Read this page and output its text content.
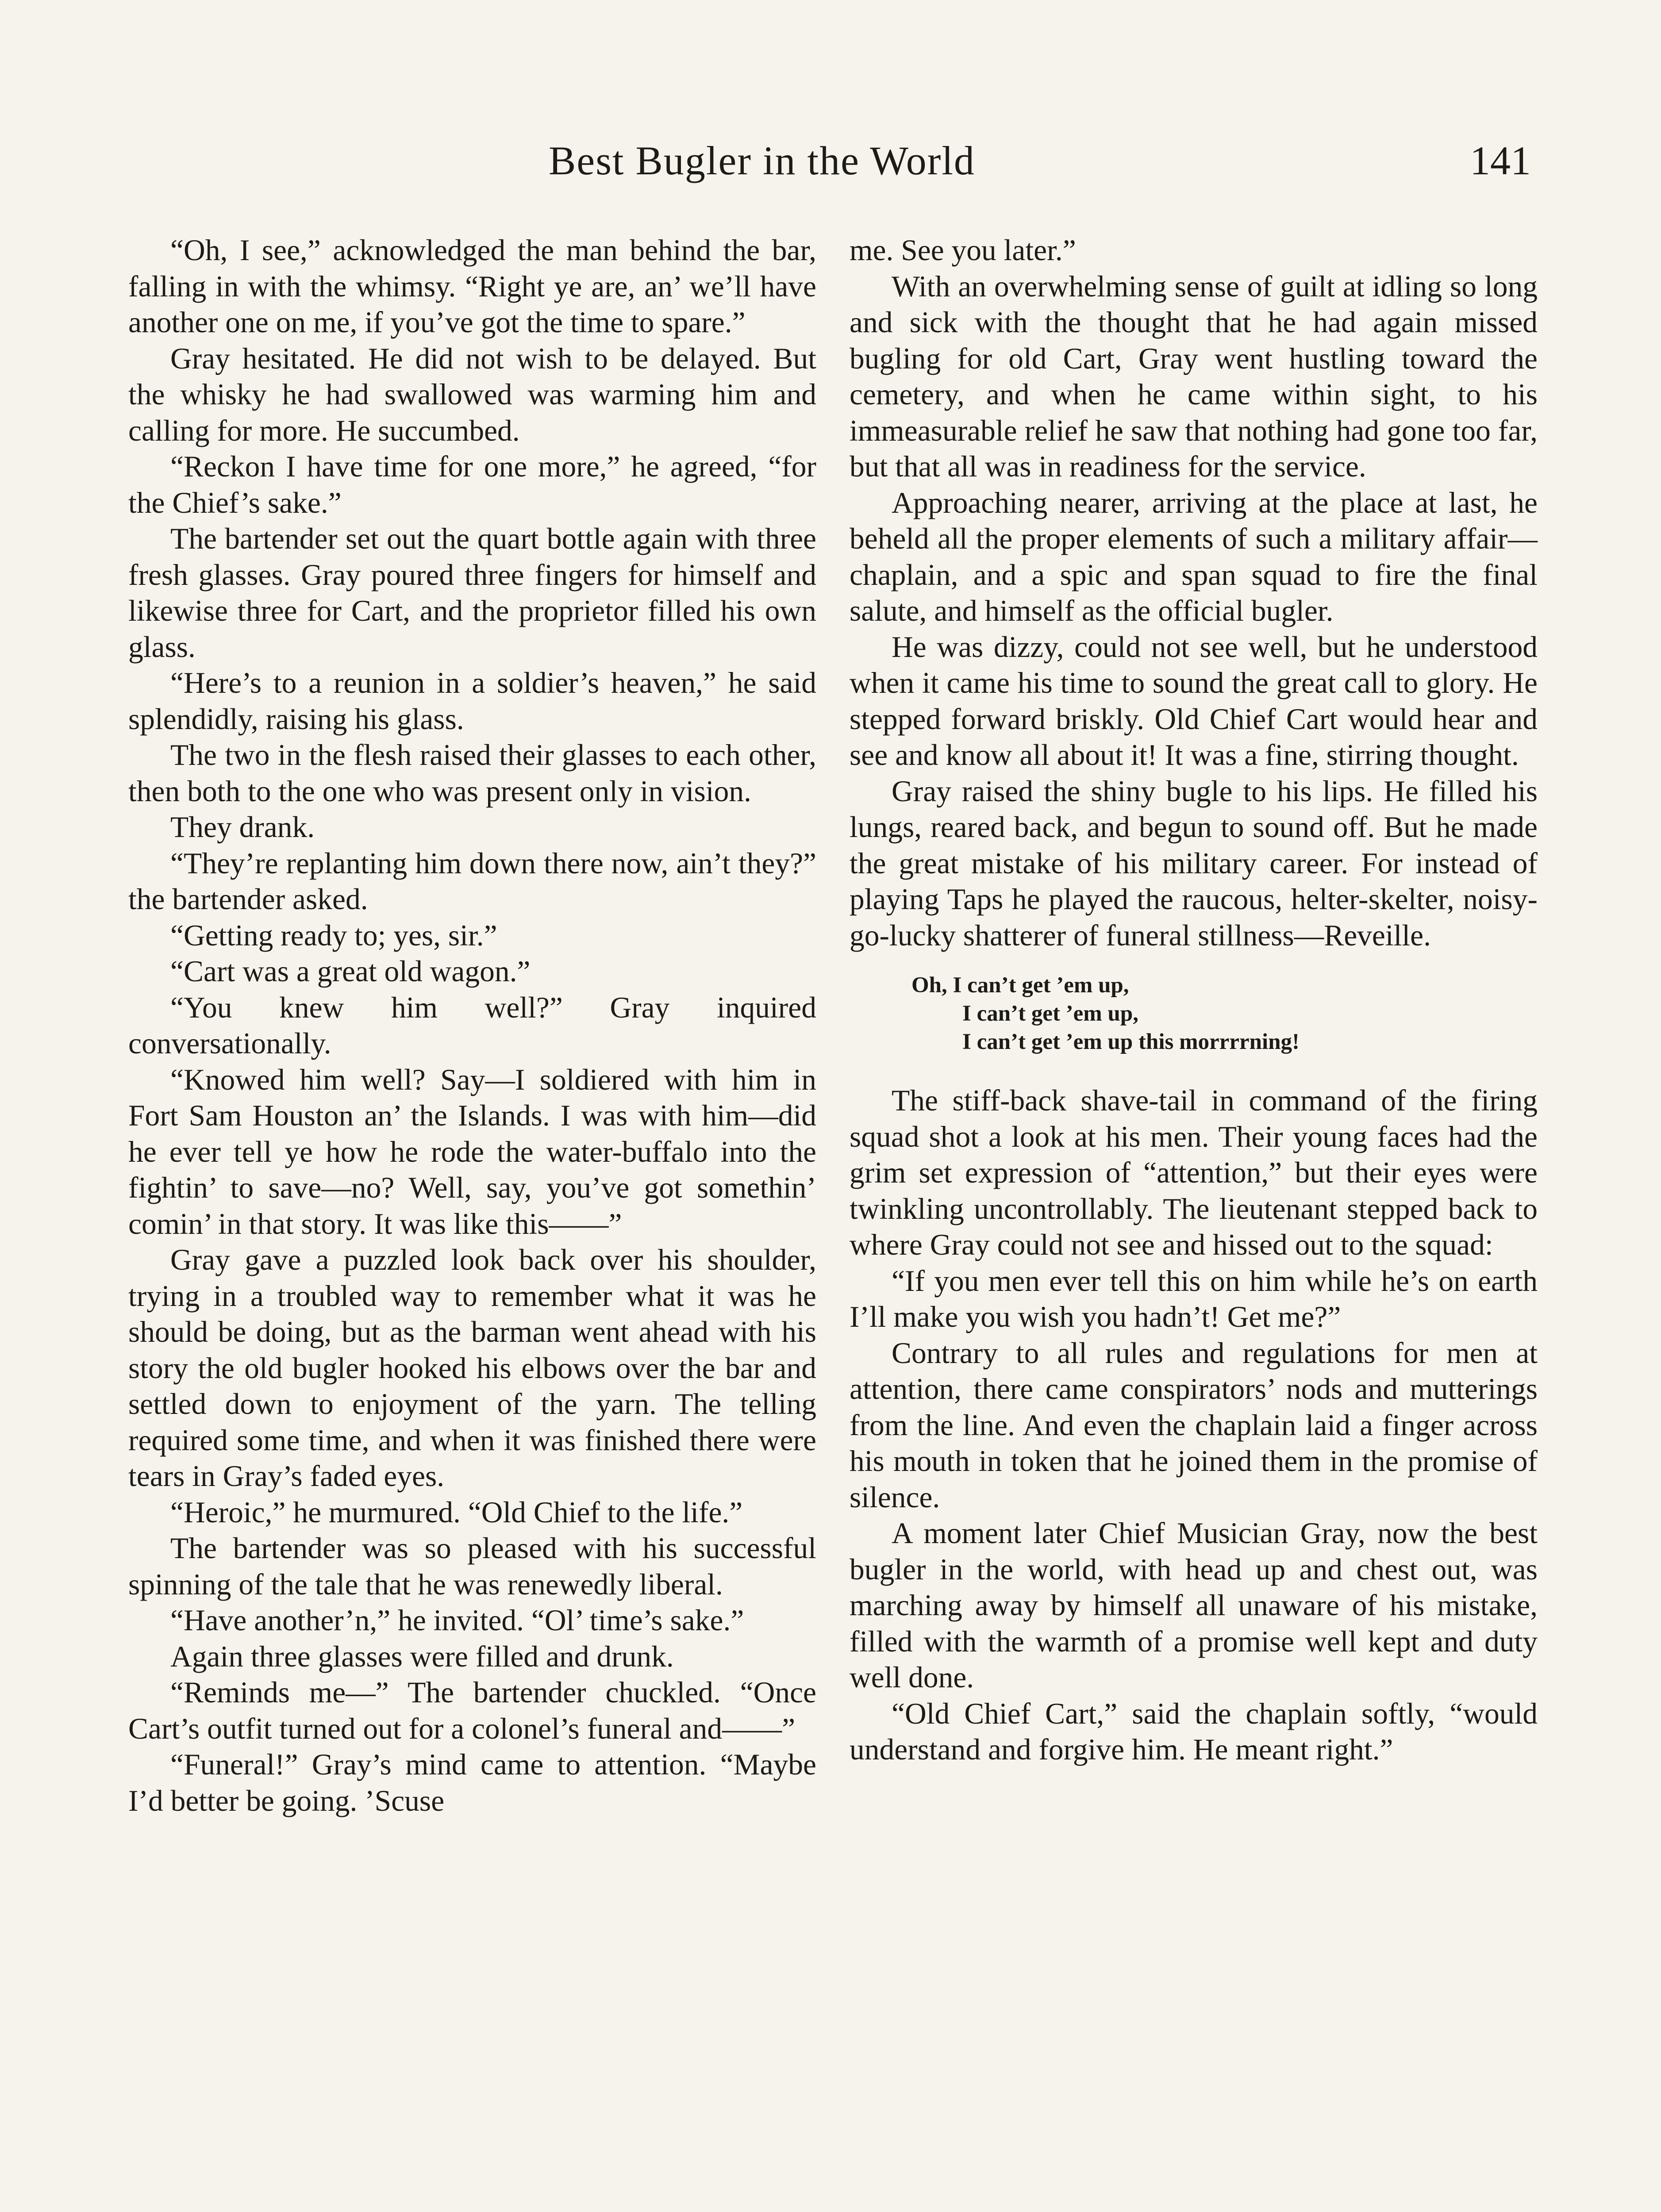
Best Bugler in the World	141

“Oh, I see,” acknowledged the man behind the bar, falling in with the whimsy. “Right ye are, an’ we’ll have another one on me, if you’ve got the time to spare.”

Gray hesitated. He did not wish to be delayed. But the whisky he had swallowed was warming him and calling for more. He succumbed.

“Reckon I have time for one more,” he agreed, “for the Chief’s sake.”

The bartender set out the quart bottle again with three fresh glasses. Gray poured three fingers for himself and likewise three for Cart, and the proprietor filled his own glass.

“Here’s to a reunion in a soldier’s heaven,” he said splendidly, raising his glass.

The two in the flesh raised their glasses to each other, then both to the one who was present only in vision.

They drank.

“They’re replanting him down there now, ain’t they?” the bartender asked.

“Getting ready to; yes, sir.”

“Cart was a great old wagon.”

“You knew him well?” Gray inquired conversationally.

“Knowed him well? Say—I soldiered with him in Fort Sam Houston an’ the Islands. I was with him—did he ever tell ye how he rode the water-buffalo into the fightin’ to save—no? Well, say, you’ve got somethin’ comin’ in that story. It was like this——”

Gray gave a puzzled look back over his shoulder, trying in a troubled way to remember what it was he should be doing, but as the barman went ahead with his story the old bugler hooked his elbows over the bar and settled down to enjoyment of the yarn. The telling required some time, and when it was finished there were tears in Gray’s faded eyes.

“Heroic,” he murmured. “Old Chief to the life.”

The bartender was so pleased with his successful spinning of the tale that he was renewedly liberal.

“Have another’n,” he invited. “Ol’ time’s sake.”

Again three glasses were filled and drunk.

“Reminds me—” The bartender chuckled. “Once Cart’s outfit turned out for a colonel’s funeral and——”

“Funeral!” Gray’s mind came to attention. “Maybe I’d better be going. ’Scuse

me. See you later.”

With an overwhelming sense of guilt at idling so long and sick with the thought that he had again missed bugling for old Cart, Gray went hustling toward the cemetery, and when he came within sight, to his immeasurable relief he saw that nothing had gone too far, but that all was in readiness for the service.

Approaching nearer, arriving at the place at last, he beheld all the proper elements of such a military affair—chaplain, and a spic and span squad to fire the final salute, and himself as the official bugler.

He was dizzy, could not see well, but he understood when it came his time to sound the great call to glory. He stepped forward briskly. Old Chief Cart would hear and see and know all about it! It was a fine, stirring thought.

Gray raised the shiny bugle to his lips. He filled his lungs, reared back, and begun to sound off. But he made the great mistake of his military career. For instead of playing Taps he played the raucous, helter-skelter, noisy-go-lucky shatterer of funeral stillness—Reveille.

Oh, I can’t get ’em up,
I can’t get ’em up,
I can’t get ’em up this morrrrning!

The stiff-back shave-tail in command of the firing squad shot a look at his men. Their young faces had the grim set expression of “attention,” but their eyes were twinkling uncontrollably. The lieutenant stepped back to where Gray could not see and hissed out to the squad:

“If you men ever tell this on him while he’s on earth I’ll make you wish you hadn’t! Get me?”

Contrary to all rules and regulations for men at attention, there came conspirators’ nods and mutterings from the line. And even the chaplain laid a finger across his mouth in token that he joined them in the promise of silence.

A moment later Chief Musician Gray, now the best bugler in the world, with head up and chest out, was marching away by himself all unaware of his mistake, filled with the warmth of a promise well kept and duty well done.

“Old Chief Cart,” said the chaplain softly, “would understand and forgive him. He meant right.”
